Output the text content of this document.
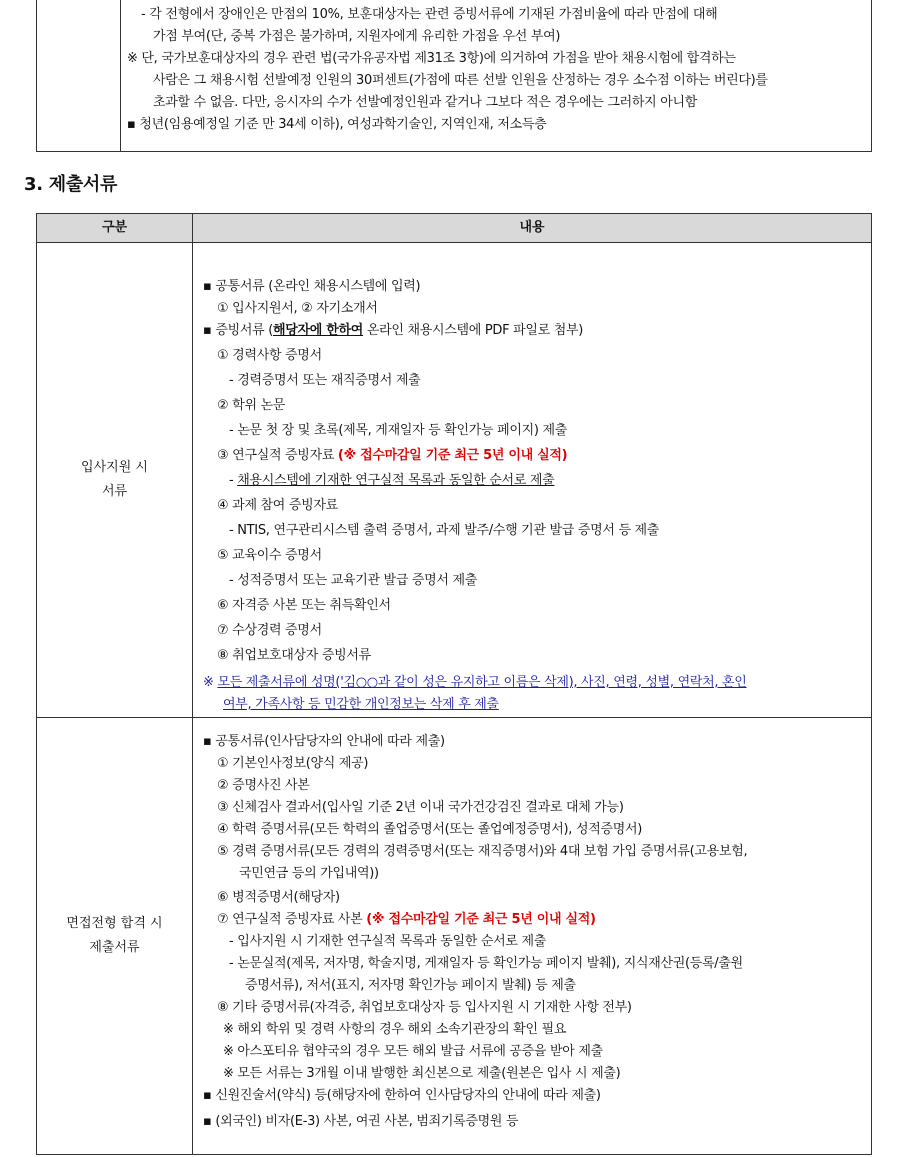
- 각 전형에서 장애인은 만점의 10%, 보훈대상자는 관련 증빙서류에 기재된 가점비율에 따라 만점에 대해
가점 부여(단, 중복 가점은 불가하며, 지원자에게 유리한 가점을 우선 부여)
※ 단, 국가보훈대상자의 경우 관련 법(국가유공자법 제31조 3항)에 의거하여 가점을 받아 채용시험에 합격하는
사람은 그 채용시험 선발예정 인원의 30퍼센트(가점에 따른 선발 인원을 산정하는 경우 소수점 이하는 버린다)를
초과할 수 없음. 다만, 응시자의 수가 선발예정인원과 같거나 그보다 적은 경우에는 그러하지 아니함
▪ 청년(임용예정일 기준 만 34세 이하), 여성과학기술인, 지역인재, 저소득층
3. 제출서류
구분	내용
입사지원 시
서류
▪ 공통서류 (온라인 채용시스템에 입력)
① 입사지원서, ② 자기소개서
▪ 증빙서류 (해당자에 한하여 온라인 채용시스템에 PDF 파일로 첨부)
① 경력사항 증명서
- 경력증명서 또는 재직증명서 제출
② 학위 논문
- 논문 첫 장 및 초록(제목, 게재일자 등 확인가능 페이지) 제출
③ 연구실적 증빙자료 (※ 접수마감일 기준 최근 5년 이내 실적)
- 채용시스템에 기재한 연구실적 목록과 동일한 순서로 제출
④ 과제 참여 증빙자료
- NTIS, 연구관리시스템 출력 증명서, 과제 발주/수행 기관 발급 증명서 등 제출
⑤ 교육이수 증명서
- 성적증명서 또는 교육기관 발급 증명서 제출
⑥ 자격증 사본 또는 취득확인서
⑦ 수상경력 증명서
⑧ 취업보호대상자 증빙서류
※ 모든 제출서류에 성명('김○○과 같이 성은 유지하고 이름은 삭제), 사진, 연령, 성별, 연락처, 혼인
여부, 가족사항 등 민감한 개인정보는 삭제 후 제출
면접전형 합격 시
제출서류
▪ 공통서류(인사담당자의 안내에 따라 제출)
① 기본인사정보(양식 제공)
② 증명사진 사본
③ 신체검사 결과서(입사일 기준 2년 이내 국가건강검진 결과로 대체 가능)
④ 학력 증명서류(모든 학력의 졸업증명서(또는 졸업예정증명서), 성적증명서)
⑤ 경력 증명서류(모든 경력의 경력증명서(또는 재직증명서)와 4대 보험 가입 증명서류(고용보험,
국민연금 등의 가입내역))
⑥ 병적증명서(해당자)
⑦ 연구실적 증빙자료 사본 (※ 접수마감일 기준 최근 5년 이내 실적)
- 입사지원 시 기재한 연구실적 목록과 동일한 순서로 제출
- 논문실적(제목, 저자명, 학술지명, 게재일자 등 확인가능 페이지 발췌), 지식재산권(등록/출원
증명서류), 저서(표지, 저자명 확인가능 페이지 발췌) 등 제출
⑧ 기타 증명서류(자격증, 취업보호대상자 등 입사지원 시 기재한 사항 전부)
※ 해외 학위 및 경력 사항의 경우 해외 소속기관장의 확인 필요
※ 아스포티유 협약국의 경우 모든 해외 발급 서류에 공증을 받아 제출
※ 모든 서류는 3개월 이내 발행한 최신본으로 제출(원본은 입사 시 제출)
▪ 신원진술서(약식) 등(해당자에 한하여 인사담당자의 안내에 따라 제출)
▪ (외국인) 비자(E-3) 사본, 여권 사본, 범죄기록증명원 등
